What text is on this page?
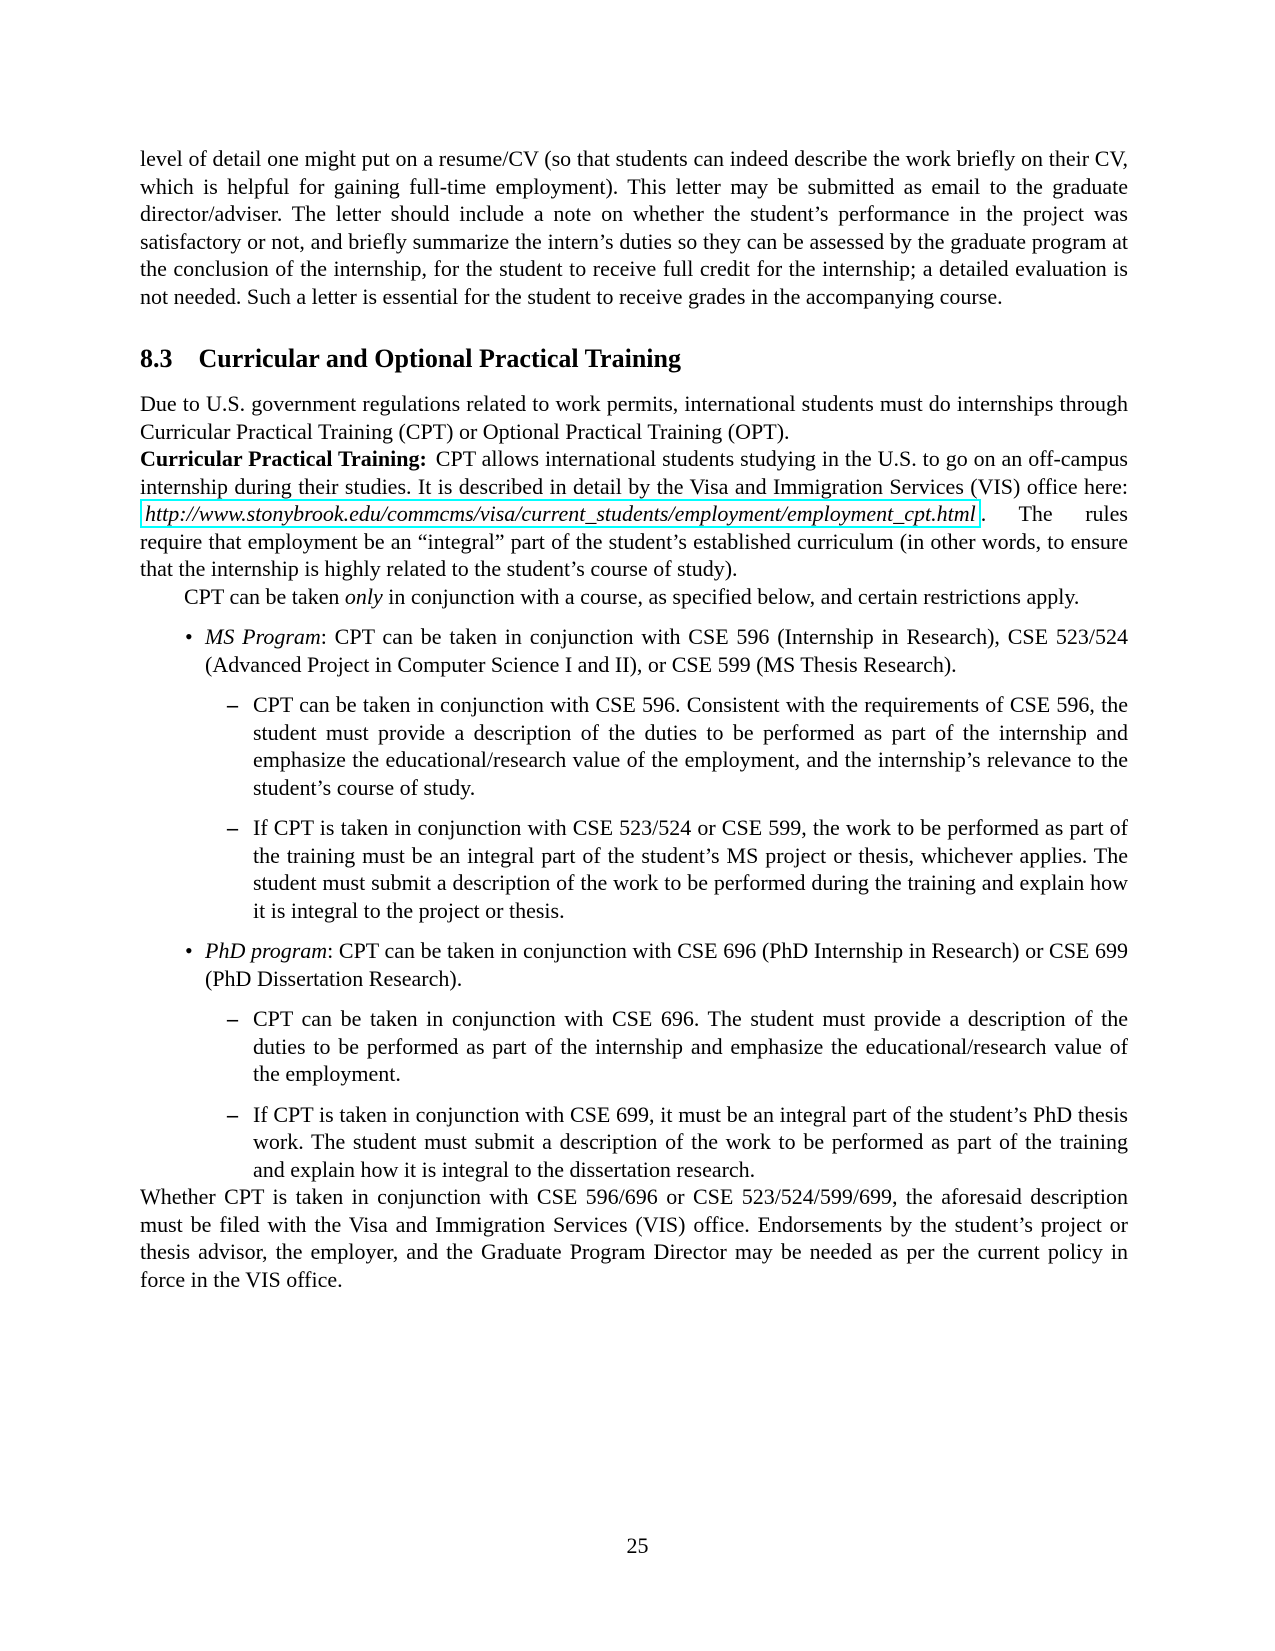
level of detail one might put on a resume/CV (so that students can indeed describe the work briefly on their CV, which is helpful for gaining full-time employment). This letter may be submitted as email to the graduate director/adviser. The letter should include a note on whether the student’s performance in the project was satisfactory or not, and briefly summarize the intern’s duties so they can be assessed by the graduate program at the conclusion of the internship, for the student to receive full credit for the internship; a detailed evaluation is not needed. Such a letter is essential for the student to receive grades in the accompanying course.

8.3 Curricular and Optional Practical Training

Due to U.S. government regulations related to work permits, international students must do internships through Curricular Practical Training (CPT) or Optional Practical Training (OPT).

Curricular Practical Training: CPT allows international students studying in the U.S. to go on an off-campus internship during their studies. It is described in detail by the Visa and Immigration Services (VIS) office here: http://www.stonybrook.edu/commcms/visa/current_students/employment/employment_cpt.html . The rules require that employment be an “integral” part of the student’s established curriculum (in other words, to ensure that the internship is highly related to the student’s course of study).

CPT can be taken only in conjunction with a course, as specified below, and certain restrictions apply.

• MS Program: CPT can be taken in conjunction with CSE 596 (Internship in Research), CSE 523/524 (Advanced Project in Computer Science I and II), or CSE 599 (MS Thesis Research).
– CPT can be taken in conjunction with CSE 596. Consistent with the requirements of CSE 596, the student must provide a description of the duties to be performed as part of the internship and emphasize the educational/research value of the employment, and the internship’s relevance to the student’s course of study.
– If CPT is taken in conjunction with CSE 523/524 or CSE 599, the work to be performed as part of the training must be an integral part of the student’s MS project or thesis, whichever applies. The student must submit a description of the work to be performed during the training and explain how it is integral to the project or thesis.
• PhD program: CPT can be taken in conjunction with CSE 696 (PhD Internship in Research) or CSE 699 (PhD Dissertation Research).
– CPT can be taken in conjunction with CSE 696. The student must provide a description of the duties to be performed as part of the internship and emphasize the educational/research value of the employment.
– If CPT is taken in conjunction with CSE 699, it must be an integral part of the student’s PhD thesis work. The student must submit a description of the work to be performed as part of the training and explain how it is integral to the dissertation research.

Whether CPT is taken in conjunction with CSE 596/696 or CSE 523/524/599/699, the aforesaid description must be filed with the Visa and Immigration Services (VIS) office. Endorsements by the student’s project or thesis advisor, the employer, and the Graduate Program Director may be needed as per the current policy in force in the VIS office.

25
